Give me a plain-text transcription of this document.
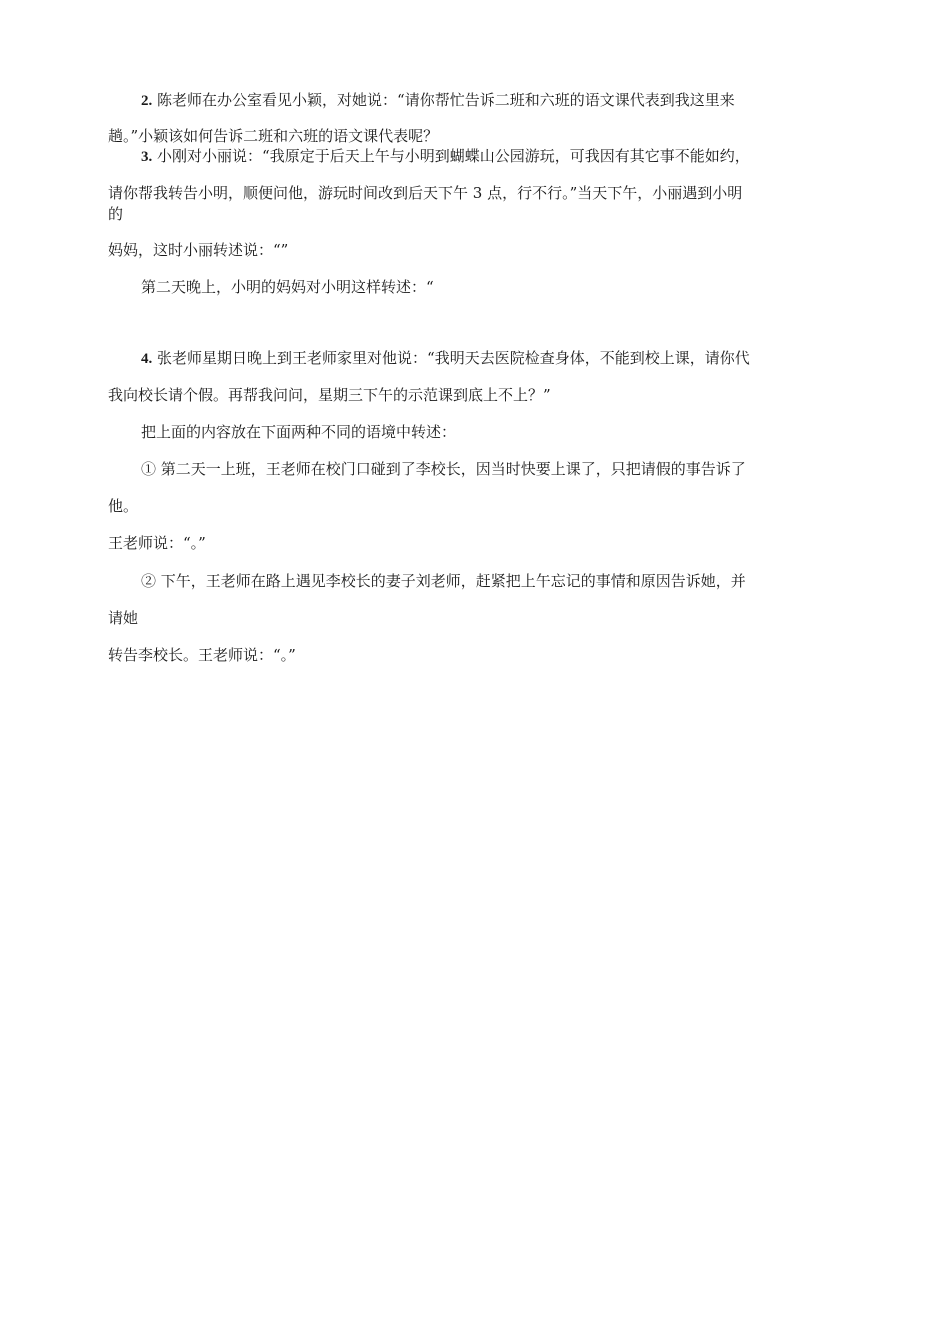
2. 陈老师在办公室看见小颖，对她说：“请你帮忙告诉二班和六班的语文课代表到我这里来
趟。”小颖该如何告诉二班和六班的语文课代表呢？
3. 小刚对小丽说：“我原定于后天上午与小明到蝴蝶山公园游玩，可我因有其它事不能如约，
请你帮我转告小明，顺便问他，游玩时间改到后天下午 3 点，行不行。”当天下午，小丽遇到小明
的
妈妈，这时小丽转述说：“”
第二天晚上，小明的妈妈对小明这样转述：“
4. 张老师星期日晚上到王老师家里对他说：“我明天去医院检查身体，不能到校上课，请你代
我向校长请个假。再帮我问问，星期三下午的示范课到底上不上？”
把上面的内容放在下面两种不同的语境中转述：
① 第二天一上班，王老师在校门口碰到了李校长，因当时快要上课了，只把请假的事告诉了
他。
王老师说：“。”
② 下午，王老师在路上遇见李校长的妻子刘老师，赶紧把上午忘记的事情和原因告诉她，并
请她
转告李校长。王老师说：“。”
